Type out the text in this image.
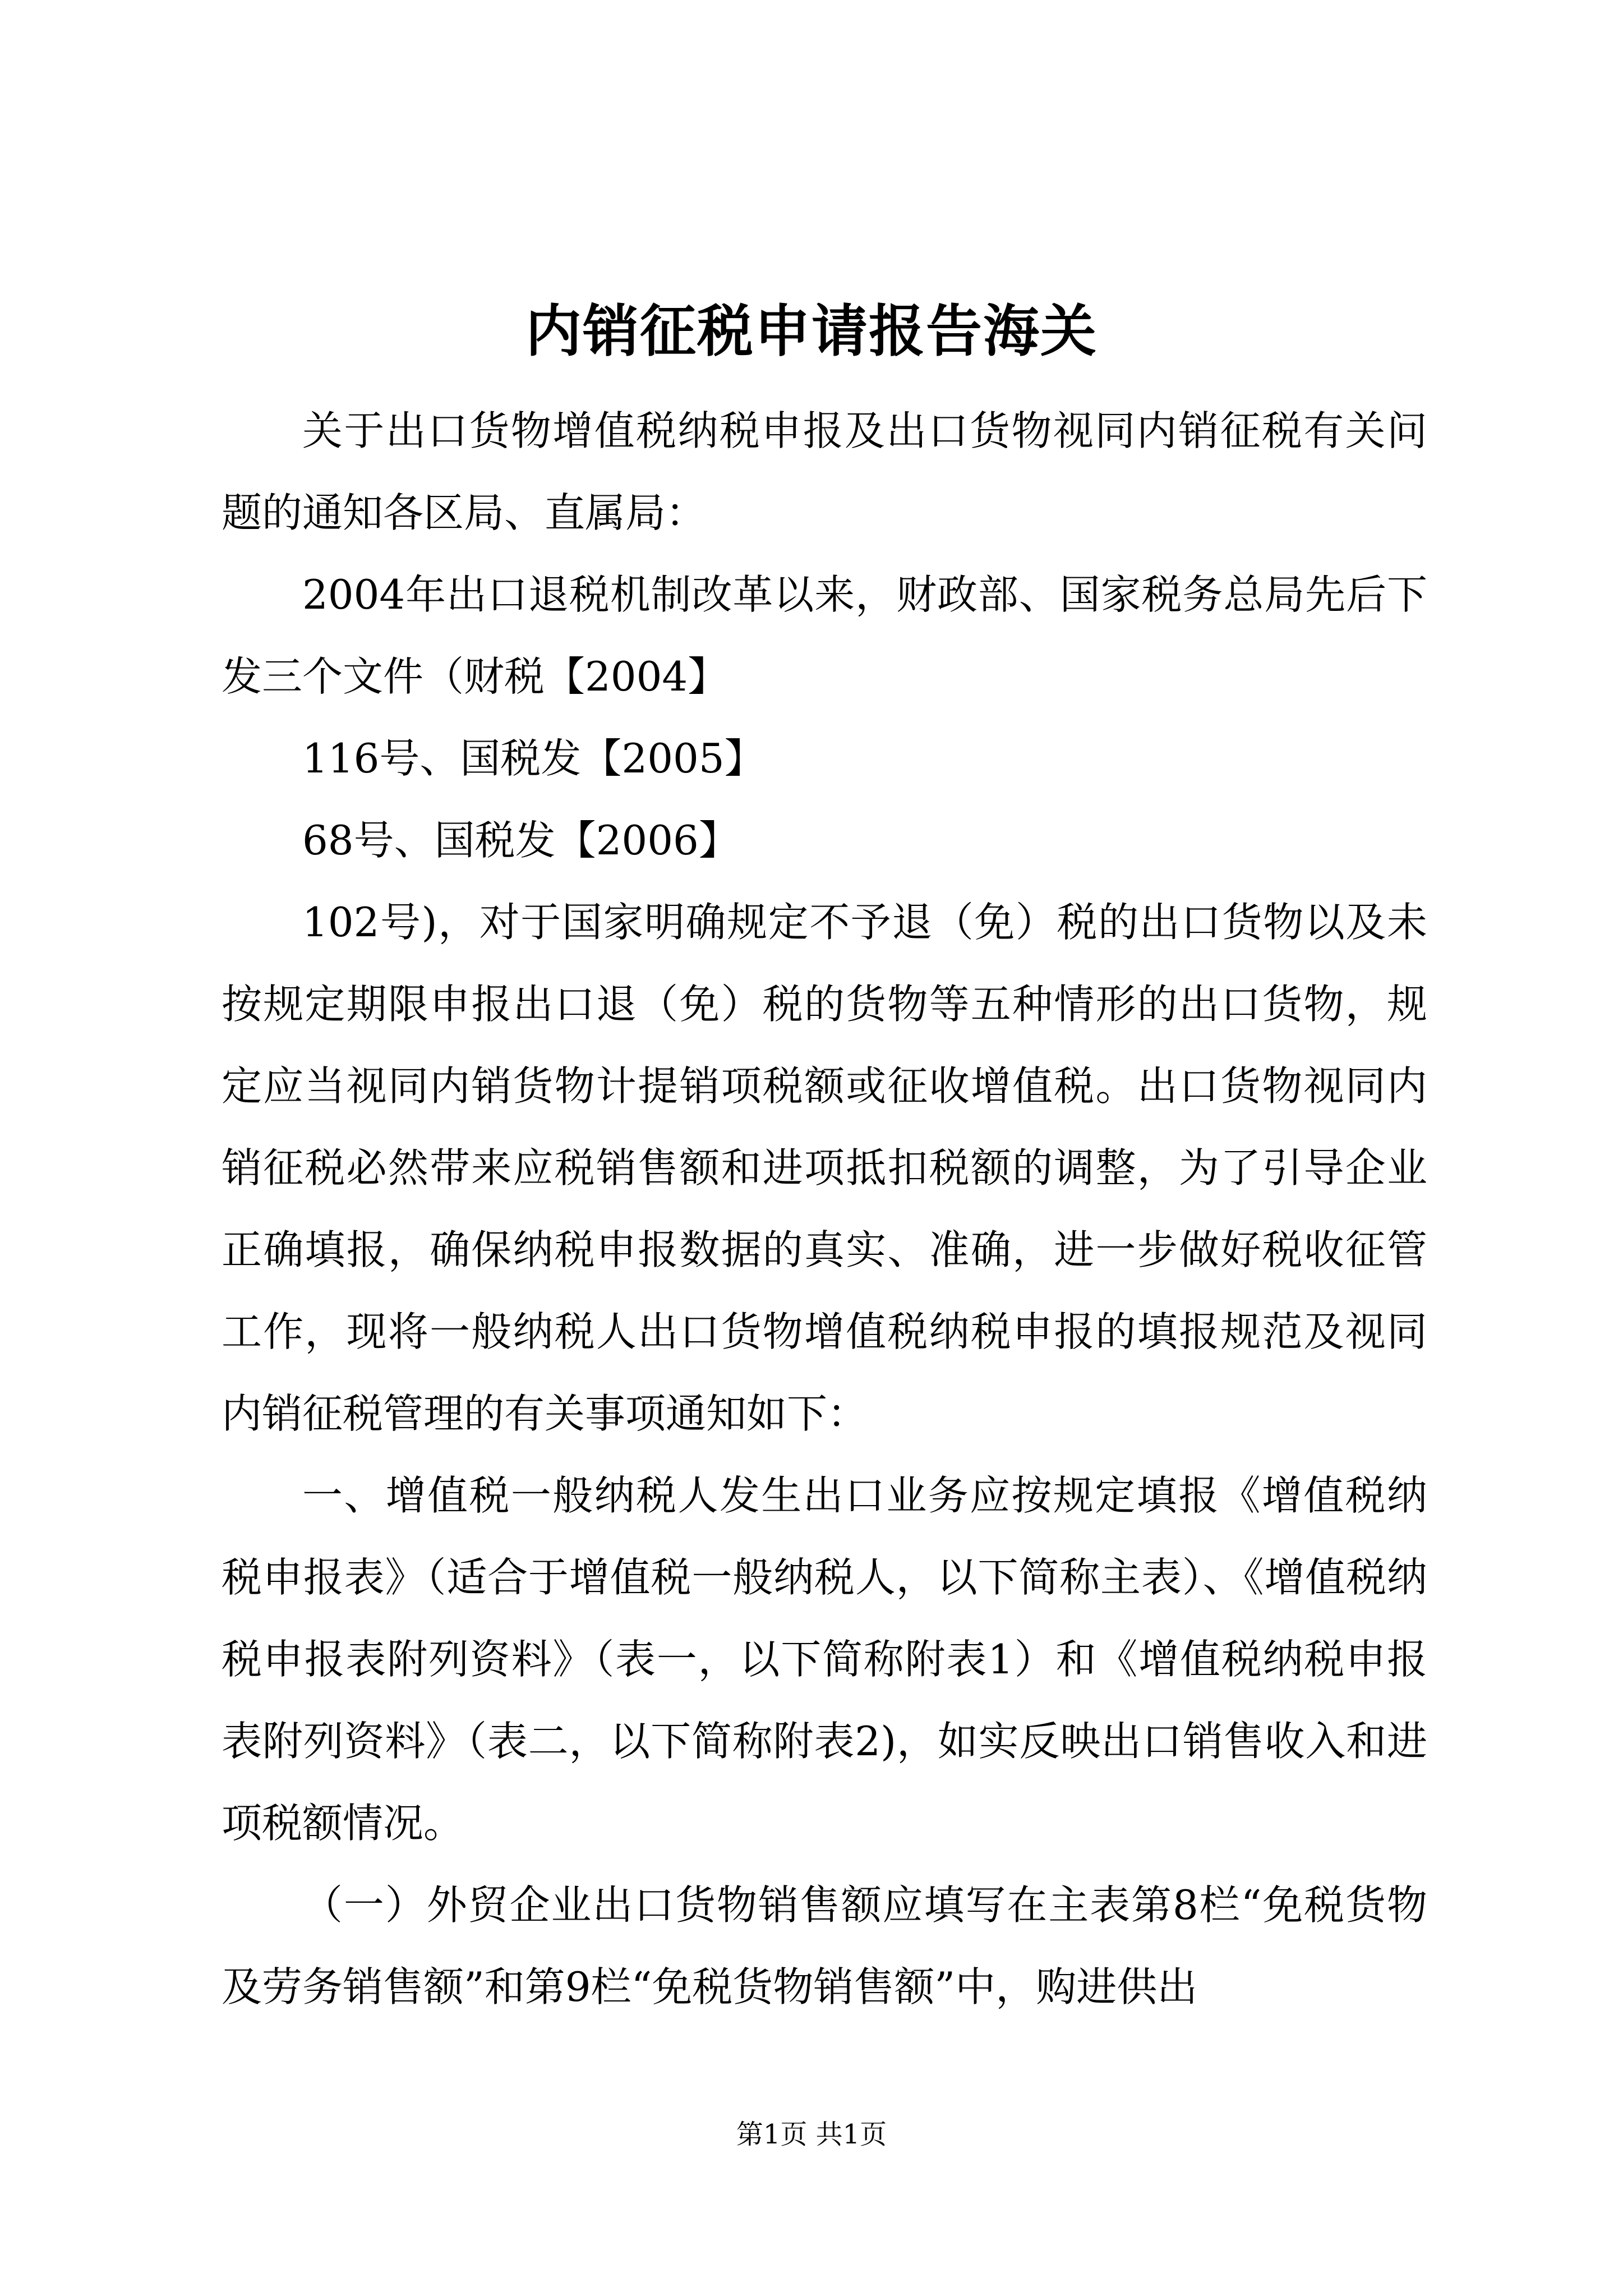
内销征税申请报告海关

关于出口货物增值税纳税申报及出口货物视同内销征税有关问题的通知各区局、直属局：

2004年出口退税机制改革以来，财政部、国家税务总局先后下发三个文件（财税【2004】

116号、国税发【2005】

68号、国税发【2006】

102号)，对于国家明确规定不予退（免）税的出口货物以及未按规定期限申报出口退（免）税的货物等五种情形的出口货物，规定应当视同内销货物计提销项税额或征收增值税。出口货物视同内销征税必然带来应税销售额和进项抵扣税额的调整，为了引导企业正确填报，确保纳税申报数据的真实、准确，进一步做好税收征管工作，现将一般纳税人出口货物增值税纳税申报的填报规范及视同内销征税管理的有关事项通知如下：

一、增值税一般纳税人发生出口业务应按规定填报《增值税纳税申报表》（适合于增值税一般纳税人，以下简称主表）、《增值税纳税申报表附列资料》（表一，以下简称附表1）和《增值税纳税申报表附列资料》（表二，以下简称附表2)，如实反映出口销售收入和进项税额情况。

（一）外贸企业出口货物销售额应填写在主表第8栏“免税货物及劳务销售额”和第9栏“免税货物销售额”中，购进供出

第1页 共1页
